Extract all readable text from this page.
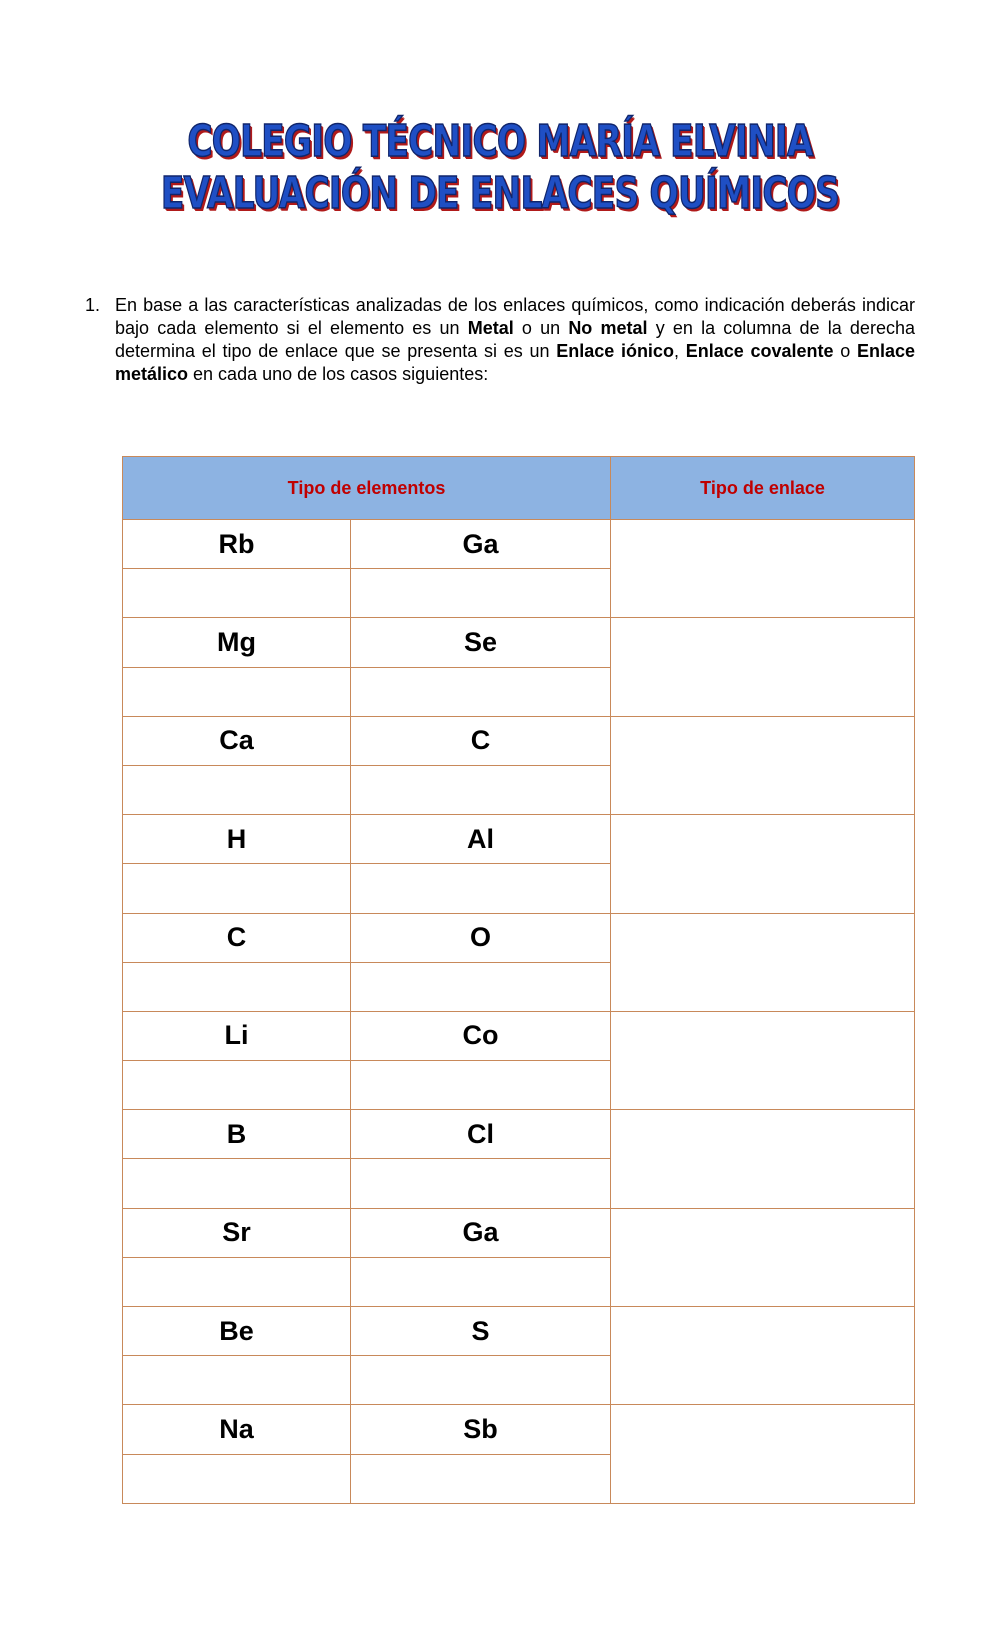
COLEGIO TÉCNICO MARÍA ELVINIA
EVALUACIÓN DE ENLACES QUÍMICOS
1. En base a las características analizadas de los enlaces químicos, como indicación deberás indicar bajo cada elemento si el elemento es un Metal o un No metal y en la columna de la derecha determina el tipo de enlace que se presenta si es un Enlace iónico, Enlace covalente o Enlace metálico en cada uno de los casos siguientes:
Tipo de elementos		Tipo de enlace
Rb	Ga	

Mg	Se	

Ca	C	

H	Al	

C	O	

Li	Co	

B	Cl	

Sr	Ga	

Be	S	

Na	Sb	
